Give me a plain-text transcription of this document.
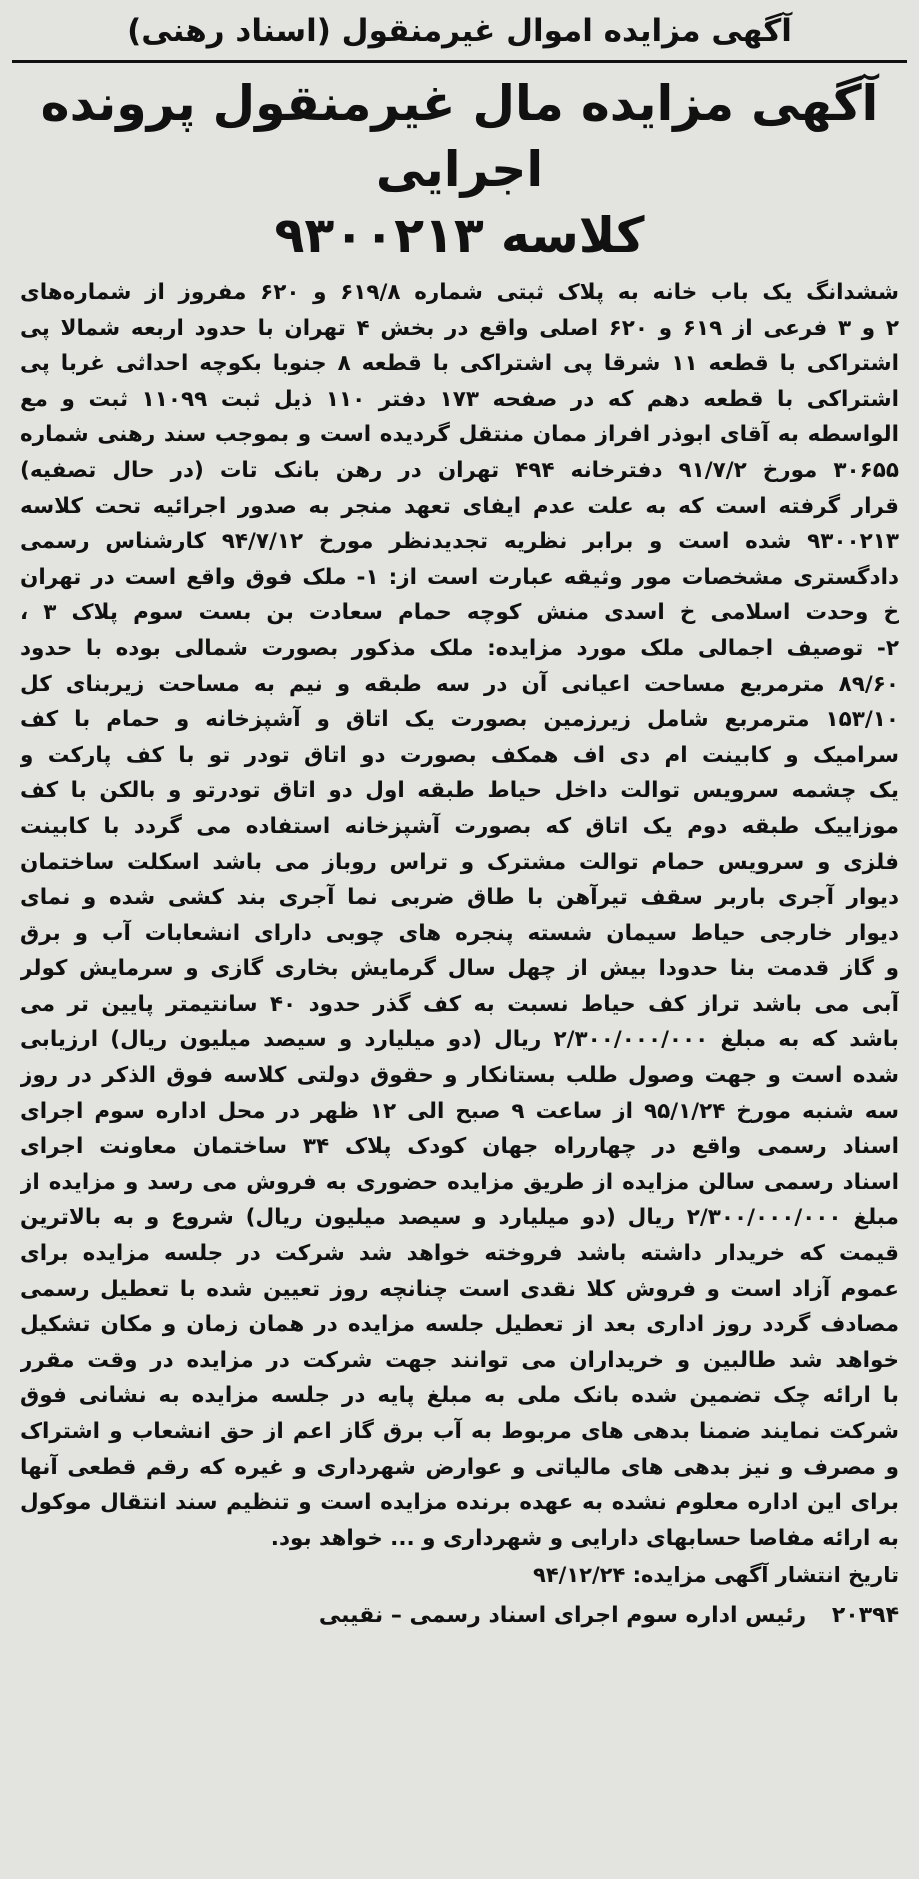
آگهی مزایده اموال غیرمنقول (اسناد رهنی)
آگهی مزایده مال غیرمنقول پرونده اجرایی
کلاسه ۹۳۰۰۲۱۳
ششدانگ یک باب خانه به پلاک ثبتی شماره ۶۱۹/۸ و ۶۲۰ مفروز از شماره‌های
۲ و ۳ فرعی از ۶۱۹ و ۶۲۰ اصلی واقع در بخش ۴ تهران با حدود اربعه شمالا پی
اشتراکی با قطعه ۱۱ شرقا پی اشتراکی با قطعه ۸ جنوبا بکوچه احداثی غربا پی
اشتراکی با قطعه دهم که در صفحه ۱۷۳ دفتر ۱۱۰ ذیل ثبت ۱۱۰۹۹ ثبت و مع
الواسطه به آقای ابوذر افراز ممان منتقل گردیده است و بموجب سند رهنی شماره
۳۰۶۵۵ مورخ ۹۱/۷/۲ دفترخانه ۴۹۴ تهران در رهن بانک تات (در حال تصفیه)
قرار گرفته است که به علت عدم ایفای تعهد منجر به صدور اجرائیه تحت کلاسه
۹۳۰۰۲۱۳ شده است و برابر نظریه تجدیدنظر مورخ ۹۴/۷/۱۲ کارشناس رسمی
دادگستری مشخصات مور وثیقه عبارت است از: ۱- ملک فوق واقع است در تهران
خ وحدت اسلامی خ اسدی منش کوچه حمام سعادت بن بست سوم پلاک ۳ ،
۲- توصیف اجمالی ملک مورد مزایده: ملک مذکور بصورت شمالی بوده با حدود
۸۹/۶۰ مترمربع مساحت اعیانی آن در سه طبقه و نیم به مساحت زیربنای کل
۱۵۳/۱۰ مترمربع شامل زیرزمین بصورت یک اتاق و آشپزخانه و حمام با کف
سرامیک و کابینت ام دی اف همکف بصورت دو اتاق تودر تو با کف پارکت و
یک چشمه سرویس توالت داخل حیاط طبقه اول دو اتاق تودرتو و بالکن با کف
موزاییک طبقه دوم یک اتاق که بصورت آشپزخانه استفاده می گردد با کابینت
فلزی و سرویس حمام توالت مشترک و تراس روباز می باشد اسکلت ساختمان
دیوار آجری باربر سقف تیرآهن با طاق ضربی نما آجری بند کشی شده و نمای
دیوار خارجی حیاط سیمان شسته پنجره های چوبی دارای انشعابات آب و برق
و گاز قدمت بنا حدودا بیش از چهل سال گرمایش بخاری گازی و سرمایش کولر
آبی می باشد تراز کف حیاط نسبت به کف گذر حدود ۴۰ سانتیمتر پایین تر می
باشد که به مبلغ ۲/۳۰۰/۰۰۰/۰۰۰ ریال (دو میلیارد و سیصد میلیون ریال) ارزیابی
شده است و جهت وصول طلب بستانکار و حقوق دولتی کلاسه فوق الذکر در روز
سه شنبه مورخ ۹۵/۱/۲۴ از ساعت ۹ صبح الی ۱۲ ظهر در محل اداره سوم اجرای
اسناد رسمی واقع در چهارراه جهان کودک پلاک ۳۴ ساختمان معاونت اجرای
اسناد رسمی سالن مزایده از طریق مزایده حضوری به فروش می رسد و مزایده از
مبلغ ۲/۳۰۰/۰۰۰/۰۰۰ ریال (دو میلیارد و سیصد میلیون ریال) شروع و به بالاترین
قیمت که خریدار داشته باشد فروخته خواهد شد شرکت در جلسه مزایده برای
عموم آزاد است و فروش کلا نقدی است چنانچه روز تعیین شده با تعطیل رسمی
مصادف گردد روز اداری بعد از تعطیل جلسه مزایده در همان زمان و مکان تشکیل
خواهد شد طالبین و خریداران می توانند جهت شرکت در مزایده در وقت مقرر
با ارائه چک تضمین شده بانک ملی به مبلغ پایه در جلسه مزایده به نشانی فوق
شرکت نمایند ضمنا بدهی های مربوط به آب برق گاز اعم از حق انشعاب و اشتراک
و مصرف و نیز بدهی های مالیاتی و عوارض شهرداری و غیره که رقم قطعی آنها
برای این اداره معلوم نشده به عهده برنده مزایده است و تنظیم سند انتقال موکول
به ارائه مفاصا حسابهای دارایی و شهرداری و ... خواهد بود.
تاریخ انتشار آگهی مزایده: ۹۴/۱۲/۲۴
۲۰۳۹۴ رئیس اداره سوم اجرای اسناد رسمی – نقیبی
